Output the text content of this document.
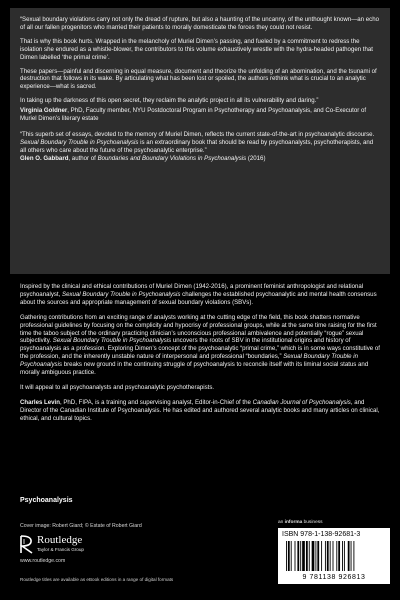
“Sexual boundary violations carry not only the dread of rupture, but also a haunting of the uncanny, of the unthought known—an echo of all our fallen progenitors who married their patients to morally domesticate the forces they could not resist.

That is why this book hurts. Wrapped in the melancholy of Muriel Dimen’s passing, and fueled by a commitment to redress the isolation she endured as a whistle-blower, the contributors to this volume exhaustively wrestle with the hydra-headed pathogen that Dimen labelled ‘the primal crime’.

These papers—painful and discerning in equal measure, document and theorize the unfolding of an abomination, and the tsunami of destruction that follows in its wake. By articulating what has been lost or spoiled, the authors rethink what is crucial to an analytic experience—what is sacred.

In taking up the darkness of this open secret, they reclaim the analytic project in all its vulnerability and daring.”

Virginia Goldner, PhD, Faculty member, NYU Postdoctoral Program in Psychotherapy and Psychoanalysis, and Co-Executor of Muriel Dimen’s literary estate

“This superb set of essays, devoted to the memory of Muriel Dimen, reflects the current state-of-the-art in psychoanalytic discourse. Sexual Boundary Trouble in Psychoanalysis is an extraordinary book that should be read by psychoanalysts, psychotherapists, and all others who care about the future of the psychoanalytic enterprise.”

Glen O. Gabbard, author of Boundaries and Boundary Violations in Psychoanalysis (2016)

Inspired by the clinical and ethical contributions of Muriel Dimen (1942-2016), a prominent feminist anthropologist and relational psychoanalyst, Sexual Boundary Trouble in Psychoanalysis challenges the established psychoanalytic and mental health consensus about the sources and appropriate management of sexual boundary violations (SBVs).

Gathering contributions from an exciting range of analysts working at the cutting edge of the field, this book shatters normative professional guidelines by focusing on the complicity and hypocrisy of professional groups, while at the same time raising for the first time the taboo subject of the ordinary practicing clinician’s unconscious professional ambivalence and potentially “rogue” sexual subjectivity. Sexual Boundary Trouble in Psychoanalysis uncovers the roots of SBV in the institutional origins and history of psychoanalysis as a profession. Exploring Dimen’s concept of the psychoanalytic “primal crime,” which is in some ways constitutive of the profession, and the inherently unstable nature of interpersonal and professional “boundaries,” Sexual Boundary Trouble in Psychoanalysis breaks new ground in the continuing struggle of psychoanalysis to reconcile itself with its liminal social status and morally ambiguous practice.

It will appeal to all psychoanalysts and psychoanalytic psychotherapists.

Charles Levin, PhD, FIPA, is a training and supervising analyst, Editor-in-Chief of the Canadian Journal of Psychoanalysis, and Director of the Canadian Institute of Psychoanalysis. He has edited and authored several analytic books and many articles on clinical, ethical, and cultural topics.

Psychoanalysis
Cover image: Robert Giard; © Estate of Robert Giard
Routledge
Taylor & Francis Group
www.routledge.com
Routledge titles are available as eBook editions in a range of digital formats
an informa business
ISBN 978-1-138-92681-3
9 781138 926813
